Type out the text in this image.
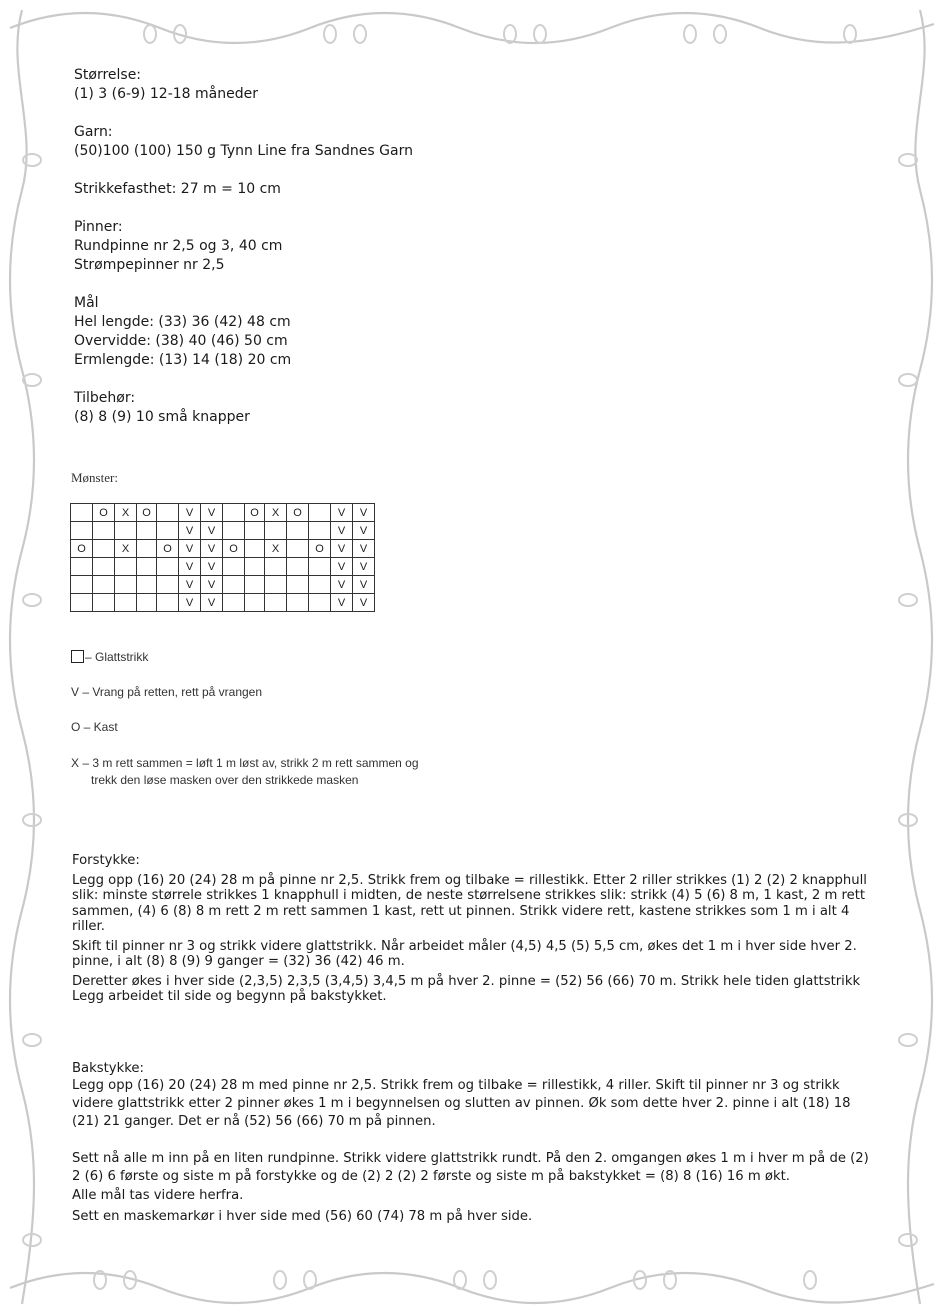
Størrelse:

(1) 3 (6-9) 12-18 måneder

Garn:

(50)100 (100) 150 g Tynn Line fra Sandnes Garn

Strikkefasthet: 27 m = 10 cm

Pinner:

Rundpinne nr 2,5 og 3, 40 cm

Strømpepinner nr 2,5

Mål

Hel lengde: (33) 36 (42) 48 cm

Overvidde: (38) 40 (46) 50 cm

Ermlengde: (13) 14 (18) 20 cm

Tilbehør:

(8) 8 (9) 10 små knapper

Mønster:
	O	X	O		V	V		O	X	O		V	V
					V	V						V	V
O		X		O	V	V	O		X		O	V	V
					V	V						V	V
					V	V						V	V
					V	V						V	V
– Glattstrikk
V – Vrang på retten, rett på vrangen
O – Kast
X – 3 m rett sammen = løft 1 m løst av, strikk 2 m rett sammen og
trekk den løse masken over den strikkede masken

Forstykke:

Legg opp (16) 20 (24) 28 m på pinne nr 2,5. Strikk frem og tilbake = rillestikk. Etter 2 riller strikkes (1) 2 (2) 2 knapphull slik: minste størrele strikkes 1 knapphull i midten, de neste størrelsene strikkes slik: strikk (4) 5 (6) 8 m, 1 kast, 2 m rett sammen, (4) 6 (8) 8 m rett 2 m rett sammen 1 kast, rett ut pinnen. Strikk videre rett, kastene strikkes som 1 m i alt 4 riller.

Skift til pinner nr 3 og strikk videre glattstrikk. Når arbeidet måler (4,5) 4,5 (5) 5,5 cm, økes det 1 m i hver side hver 2. pinne, i alt (8) 8 (9) 9 ganger = (32) 36 (42) 46 m.

Deretter økes i hver side (2,3,5) 2,3,5 (3,4,5) 3,4,5 m på hver 2. pinne = (52) 56 (66) 70 m. Strikk hele tiden glattstrikk

Legg arbeidet til side og begynn på bakstykket.

Bakstykke:

Legg opp (16) 20 (24) 28 m med pinne nr 2,5. Strikk frem og tilbake = rillestikk, 4 riller. Skift til pinner nr 3 og strikk videre glattstrikk etter 2 pinner økes 1 m i begynnelsen og slutten av pinnen. Øk som dette hver 2. pinne i alt (18) 18 (21) 21 ganger. Det er nå (52) 56 (66) 70 m på pinnen.

Sett nå alle m inn på en liten rundpinne. Strikk videre glattstrikk rundt. På den 2. omgangen økes 1 m i hver m på de (2) 2 (6) 6 første og siste m på forstykke og de (2) 2 (2) 2 første og siste m på bakstykket = (8) 8 (16) 16 m økt.

Alle mål tas videre herfra.

Sett en maskemarkør i hver side med (56) 60 (74) 78 m på hver side.
